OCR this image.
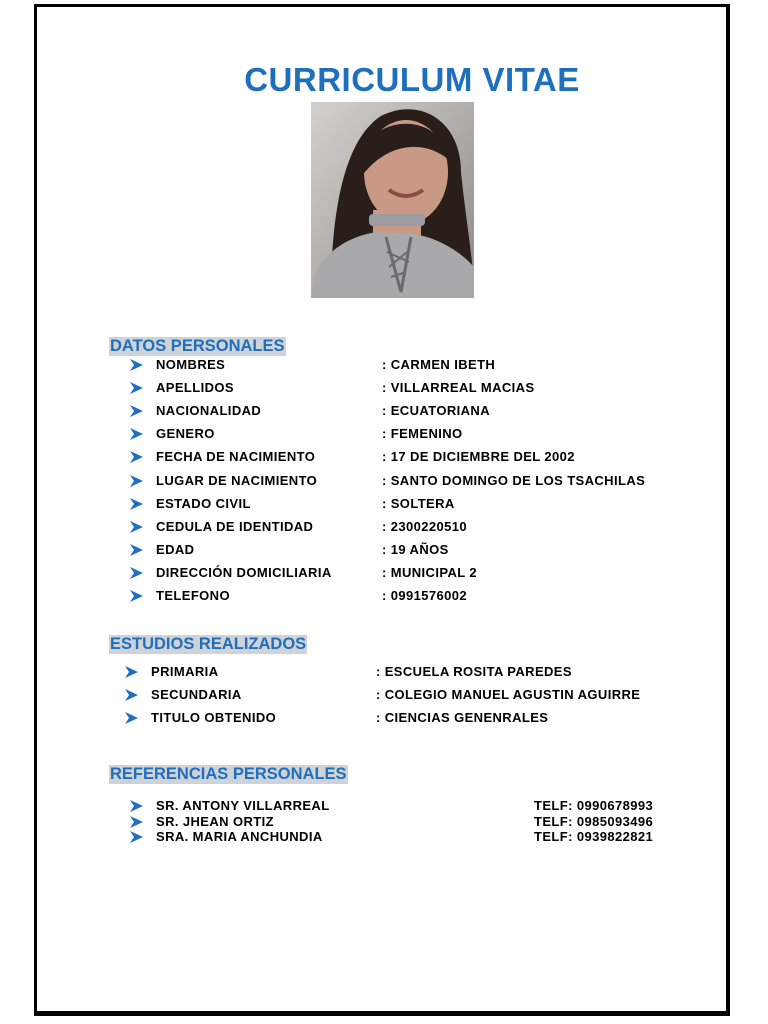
CURRICULUM VITAE
DATOS PERSONALES
NOMBRES	: CARMEN IBETH
APELLIDOS	: VILLARREAL MACIAS
NACIONALIDAD	: ECUATORIANA
GENERO	: FEMENINO
FECHA DE NACIMIENTO	: 17 DE DICIEMBRE DEL 2002
LUGAR DE NACIMIENTO	: SANTO DOMINGO DE LOS TSACHILAS
ESTADO CIVIL	: SOLTERA
CEDULA DE IDENTIDAD	: 2300220510
EDAD	: 19 AÑOS
DIRECCIÓN DOMICILIARIA	: MUNICIPAL 2
TELEFONO	: 0991576002
ESTUDIOS REALIZADOS
PRIMARIA	: ESCUELA ROSITA PAREDES
SECUNDARIA	: COLEGIO MANUEL AGUSTIN AGUIRRE
TITULO OBTENIDO	: CIENCIAS GENENRALES
REFERENCIAS PERSONALES
SR. ANTONY VILLARREAL	TELF: 0990678993
SR. JHEAN ORTIZ	TELF: 0985093496
SRA. MARIA ANCHUNDIA	TELF: 0939822821
